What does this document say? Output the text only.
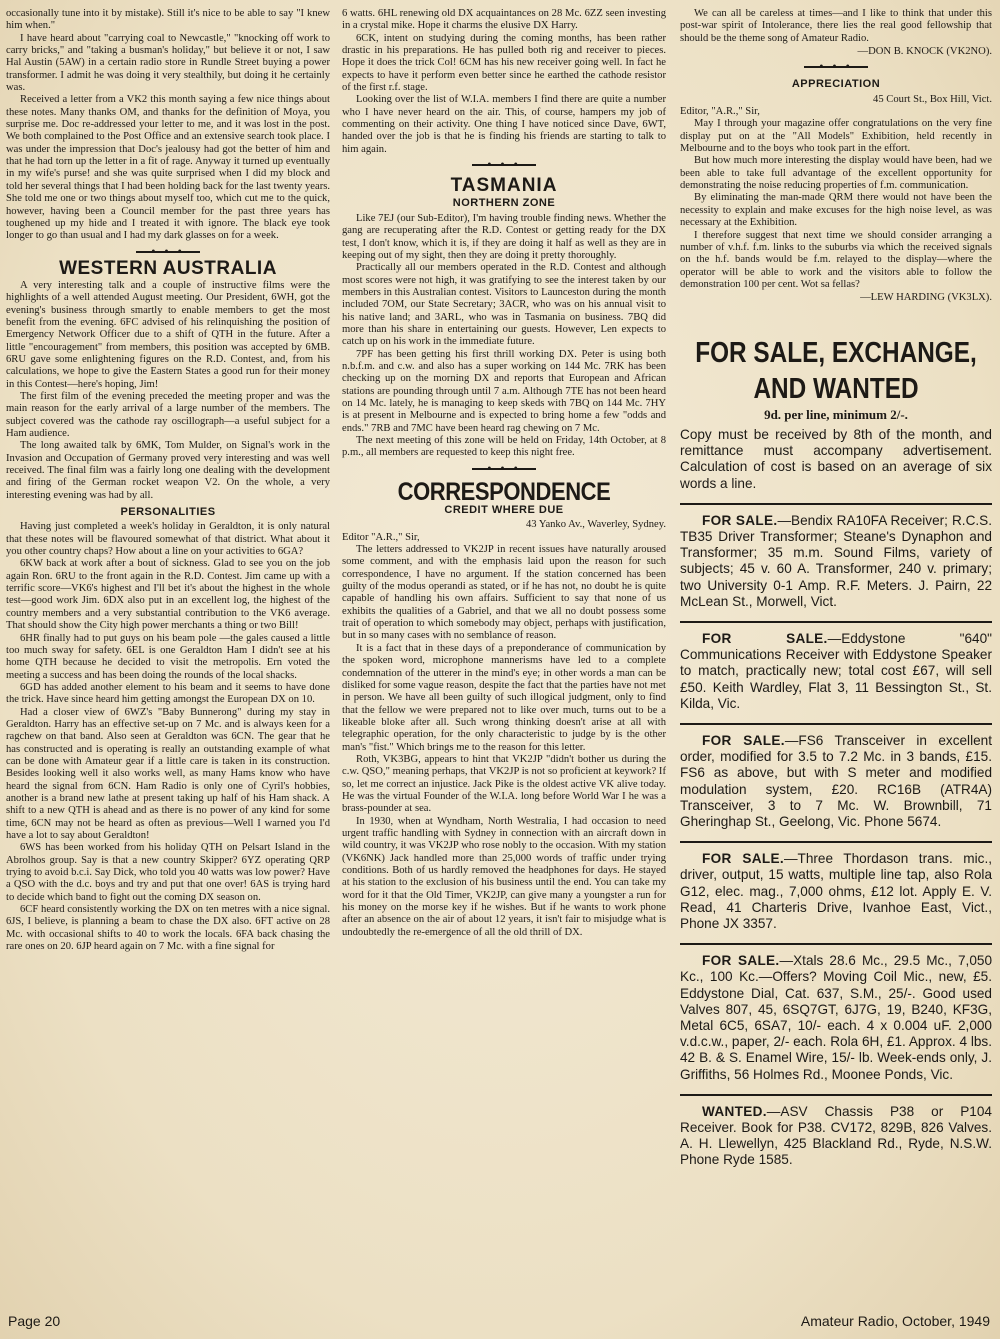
occasionally tune into it by mistake). Still it's nice to be able to say "I knew him when."

I have heard about "carrying coal to Newcastle," "knocking off work to carry bricks," and "taking a busman's holiday," but believe it or not, I saw Hal Austin (5AW) in a certain radio store in Rundle Street buying a power transformer. I admit he was doing it very stealthily, but doing it he certainly was.

Received a letter from a VK2 this month saying a few nice things about these notes. Many thanks OM, and thanks for the definition of Moya, you surprise me. Doc re-addressed your letter to me, and it was lost in the post. We both complained to the Post Office and an extensive search took place. I was under the impression that Doc's jealousy had got the better of him and that he had torn up the letter in a fit of rage. Anyway it turned up eventually in my wife's purse! and she was quite surprised when I did my block and told her several things that I had been holding back for the last twenty years. She told me one or two things about myself too, which cut me to the quick, however, having been a Council member for the past three years has toughened up my hide and I treated it with ignore. The black eye took longer to go than usual and I had my dark glasses on for a week.

• • •
WESTERN AUSTRALIA

A very interesting talk and a couple of instructive films were the highlights of a well attended August meeting. Our President, 6WH, got the evening's business through smartly to enable members to get the most benefit from the evening. 6FC advised of his relinquishing the position of Emergency Network Officer due to a shift of QTH in the future. After a little "encouragement" from members, this position was accepted by 6MB. 6RU gave some enlightening figures on the R.D. Contest, and, from his calculations, we hope to give the Eastern States a good run for their money in this Contest—here's hoping, Jim!

The first film of the evening preceded the meeting proper and was the main reason for the early arrival of a large number of the members. The subject covered was the cathode ray oscillograph—a useful subject for a Ham audience.

The long awaited talk by 6MK, Tom Mulder, on Signal's work in the Invasion and Occupation of Germany proved very interesting and was well received. The final film was a fairly long one dealing with the development and firing of the German rocket weapon V2. On the whole, a very interesting evening was had by all.

PERSONALITIES

Having just completed a week's holiday in Geraldton, it is only natural that these notes will be flavoured somewhat of that district. What about it you other country chaps? How about a line on your activities to 6GA?

6KW back at work after a bout of sickness. Glad to see you on the job again Ron. 6RU to the front again in the R.D. Contest. Jim came up with a terrific score—VK6's highest and I'll bet it's about the highest in the whole test—good work Jim. 6DX also put in an excellent log, the highest of the country members and a very substantial contribution to the VK6 average. That should show the City high power merchants a thing or two Bill!

6HR finally had to put guys on his beam pole —the gales caused a little too much sway for safety. 6EL is one Geraldton Ham I didn't see at his home QTH because he decided to visit the metropolis. Ern voted the meeting a success and has been doing the rounds of the local shacks.

6GD has added another element to his beam and it seems to have done the trick. Have since heard him getting amongst the European DX on 10.

Had a closer view of 6WZ's "Baby Bunnerong" during my stay in Geraldton. Harry has an effective set-up on 7 Mc. and is always keen for a ragchew on that band. Also seen at Geraldton was 6CN. The gear that he has constructed and is operating is really an outstanding example of what can be done with Amateur gear if a little care is taken in its construction. Besides looking well it also works well, as many Hams know who have heard the signal from 6CN. Ham Radio is only one of Cyril's hobbies, another is a brand new lathe at present taking up half of his Ham shack. A shift to a new QTH is ahead and as there is no power of any kind for some time, 6CN may not be heard as often as previous—Well I warned you I'd have a lot to say about Geraldton!

6WS has been worked from his holiday QTH on Pelsart Island in the Abrolhos group. Say is that a new country Skipper? 6YZ operating QRP trying to avoid b.c.i. Say Dick, who told you 40 watts was low power? Have a QSO with the d.c. boys and try and put that one over! 6AS is trying hard to decide which band to fight out the coming DX season on.

6CF heard consistently working the DX on ten metres with a nice signal. 6JS, I believe, is planning a beam to chase the DX also. 6FT active on 28 Mc. with occasional shifts to 40 to work the locals. 6FA back chasing the rare ones on 20. 6JP heard again on 7 Mc. with a fine signal for

6 watts. 6HL renewing old DX acquaintances on 28 Mc. 6ZZ seen investing in a crystal mike. Hope it charms the elusive DX Harry.

6CK, intent on studying during the coming months, has been rather drastic in his preparations. He has pulled both rig and receiver to pieces. Hope it does the trick Col! 6CM has his new receiver going well. In fact he expects to have it perform even better since he earthed the cathode resistor of the first r.f. stage.

Looking over the list of W.I.A. members I find there are quite a number who I have never heard on the air. This, of course, hampers my job of commenting on their activity. One thing I have noticed since Dave, 6WT, handed over the job is that he is finding his friends are starting to talk to him again.

• • •
TASMANIA
NORTHERN ZONE

Like 7EJ (our Sub-Editor), I'm having trouble finding news. Whether the gang are recuperating after the R.D. Contest or getting ready for the DX test, I don't know, which it is, if they are doing it half as well as they are in keeping out of my sight, then they are doing it pretty thoroughly.

Practically all our members operated in the R.D. Contest and although most scores were not high, it was gratifying to see the interest taken by our members in this Australian contest. Visitors to Launceston during the month included 7OM, our State Secretary; 3ACR, who was on his annual visit to his native land; and 3ARL, who was in Tasmania on business. 7BQ did more than his share in entertaining our guests. However, Len expects to catch up on his work in the immediate future.

7PF has been getting his first thrill working DX. Peter is using both n.b.f.m. and c.w. and also has a super working on 144 Mc. 7RK has been checking up on the morning DX and reports that European and African stations are pounding through until 7 a.m. Although 7TE has not been heard on 14 Mc. lately, he is managing to keep skeds with 7BQ on 144 Mc. 7HY is at present in Melbourne and is expected to bring home a few "odds and ends." 7RB and 7MC have been heard rag chewing on 7 Mc.

The next meeting of this zone will be held on Friday, 14th October, at 8 p.m., all members are requested to keep this night free.

• • •
CORRESPONDENCE
CREDIT WHERE DUE
43 Yanko Av., Waverley, Sydney.

Editor "A.R.," Sir,

The letters addressed to VK2JP in recent issues have naturally aroused some comment, and with the emphasis laid upon the reason for such correspondence, I have no argument. If the station concerned has been guilty of the modus operandi as stated, or if he has not, no doubt he is quite capable of handling his own affairs. Sufficient to say that none of us exhibits the qualities of a Gabriel, and that we all no doubt possess some trait of operation to which somebody may object, perhaps with justification, but in so many cases with no semblance of reason.

It is a fact that in these days of a preponderance of communication by the spoken word, microphone mannerisms have led to a complete condemnation of the utterer in the mind's eye; in other words a man can be disliked for some vague reason, despite the fact that the parties have not met in person. We have all been guilty of such illogical judgment, only to find that the fellow we were prepared not to like over much, turns out to be a likeable bloke after all. Such wrong thinking doesn't arise at all with telegraphic operation, for the only characteristic to judge by is the other man's "fist." Which brings me to the reason for this letter.

Roth, VK3BG, appears to hint that VK2JP "didn't bother us during the c.w. QSO," meaning perhaps, that VK2JP is not so proficient at keywork? If so, let me correct an injustice. Jack Pike is the oldest active VK alive today. He was the virtual Founder of the W.I.A. long before World War I he was a brass-pounder at sea.

In 1930, when at Wyndham, North Westralia, I had occasion to need urgent traffic handling with Sydney in connection with an aircraft down in wild country, it was VK2JP who rose nobly to the occasion. With my station (VK6NK) Jack handled more than 25,000 words of traffic under trying conditions. Both of us hardly removed the headphones for days. He stayed at his station to the exclusion of his business until the end. You can take my word for it that the Old Timer, VK2JP, can give many a youngster a run for his money on the morse key if he wishes. But if he wants to work phone after an absence on the air of about 12 years, it isn't fair to misjudge what is undoubtedly the re-emergence of all the old thrill of DX.

We can all be careless at times—and I like to think that under this post-war spirit of Intolerance, there lies the real good fellowship that should be the theme song of Amateur Radio.

—DON B. KNOCK (VK2NO).
• • •
APPRECIATION
45 Court St., Box Hill, Vict.

Editor, "A.R.," Sir,

May I through your magazine offer congratulations on the very fine display put on at the "All Models" Exhibition, held recently in Melbourne and to the boys who took part in the effort.

But how much more interesting the display would have been, had we been able to take full advantage of the excellent opportunity for demonstrating the noise reducing properties of f.m. communication.

By eliminating the man-made QRM there would not have been the necessity to explain and make excuses for the high noise level, as was necessary at the Exhibition.

I therefore suggest that next time we should consider arranging a number of v.h.f. f.m. links to the suburbs via which the received signals on the h.f. bands would be f.m. relayed to the display—where the operator will be able to work and the visitors able to follow the demonstration 100 per cent. Wot sa fellas?

—LEW HARDING (VK3LX).
FOR SALE, EXCHANGE,
AND WANTED
9d. per line, minimum 2/-.
Copy must be received by 8th of the month, and remittance must accompany advertisement. Calculation of cost is based on an average of six words a line.
FOR SALE.—Bendix RA10FA Receiver; R.C.S. TB35 Driver Transformer; Steane's Dynaphon and Transformer; 35 m.m. Sound Films, variety of subjects; 45 v. 60 A. Transformer, 240 v. primary; two University 0-1 Amp. R.F. Meters. J. Pairn, 22 McLean St., Morwell, Vict.
FOR SALE.—Eddystone "640" Communications Receiver with Eddystone Speaker to match, practically new; total cost £67, will sell £50. Keith Wardley, Flat 3, 11 Bessington St., St. Kilda, Vic.
FOR SALE.—FS6 Transceiver in excellent order, modified for 3.5 to 7.2 Mc. in 3 bands, £15. FS6 as above, but with S meter and modified modulation system, £20. RC16B (ATR4A) Transceiver, 3 to 7 Mc. W. Brownbill, 71 Gheringhap St., Geelong, Vic. Phone 5674.
FOR SALE.—Three Thordason trans. mic., driver, output, 15 watts, multiple line tap, also Rola G12, elec. mag., 7,000 ohms, £12 lot. Apply E. V. Read, 41 Charteris Drive, Ivanhoe East, Vict., Phone JX 3357.
FOR SALE.—Xtals 28.6 Mc., 29.5 Mc., 7,050 Kc., 100 Kc.—Offers? Moving Coil Mic., new, £5. Eddystone Dial, Cat. 637, S.M., 25/-. Good used Valves 807, 45, 6SQ7GT, 6J7G, 19, B240, KF3G, Metal 6C5, 6SA7, 10/- each. 4 x 0.004 uF. 2,000 v.d.c.w., paper, 2/- each. Rola 6H, £1. Approx. 4 lbs. 42 B. & S. Enamel Wire, 15/- lb. Week-ends only, J. Griffiths, 56 Holmes Rd., Moonee Ponds, Vic.
WANTED.—ASV Chassis P38 or P104 Receiver. Book for P38. CV172, 829B, 826 Valves. A. H. Llewellyn, 425 Blackland Rd., Ryde, N.S.W. Phone Ryde 1585.
Page 20	Amateur Radio, October, 1949
